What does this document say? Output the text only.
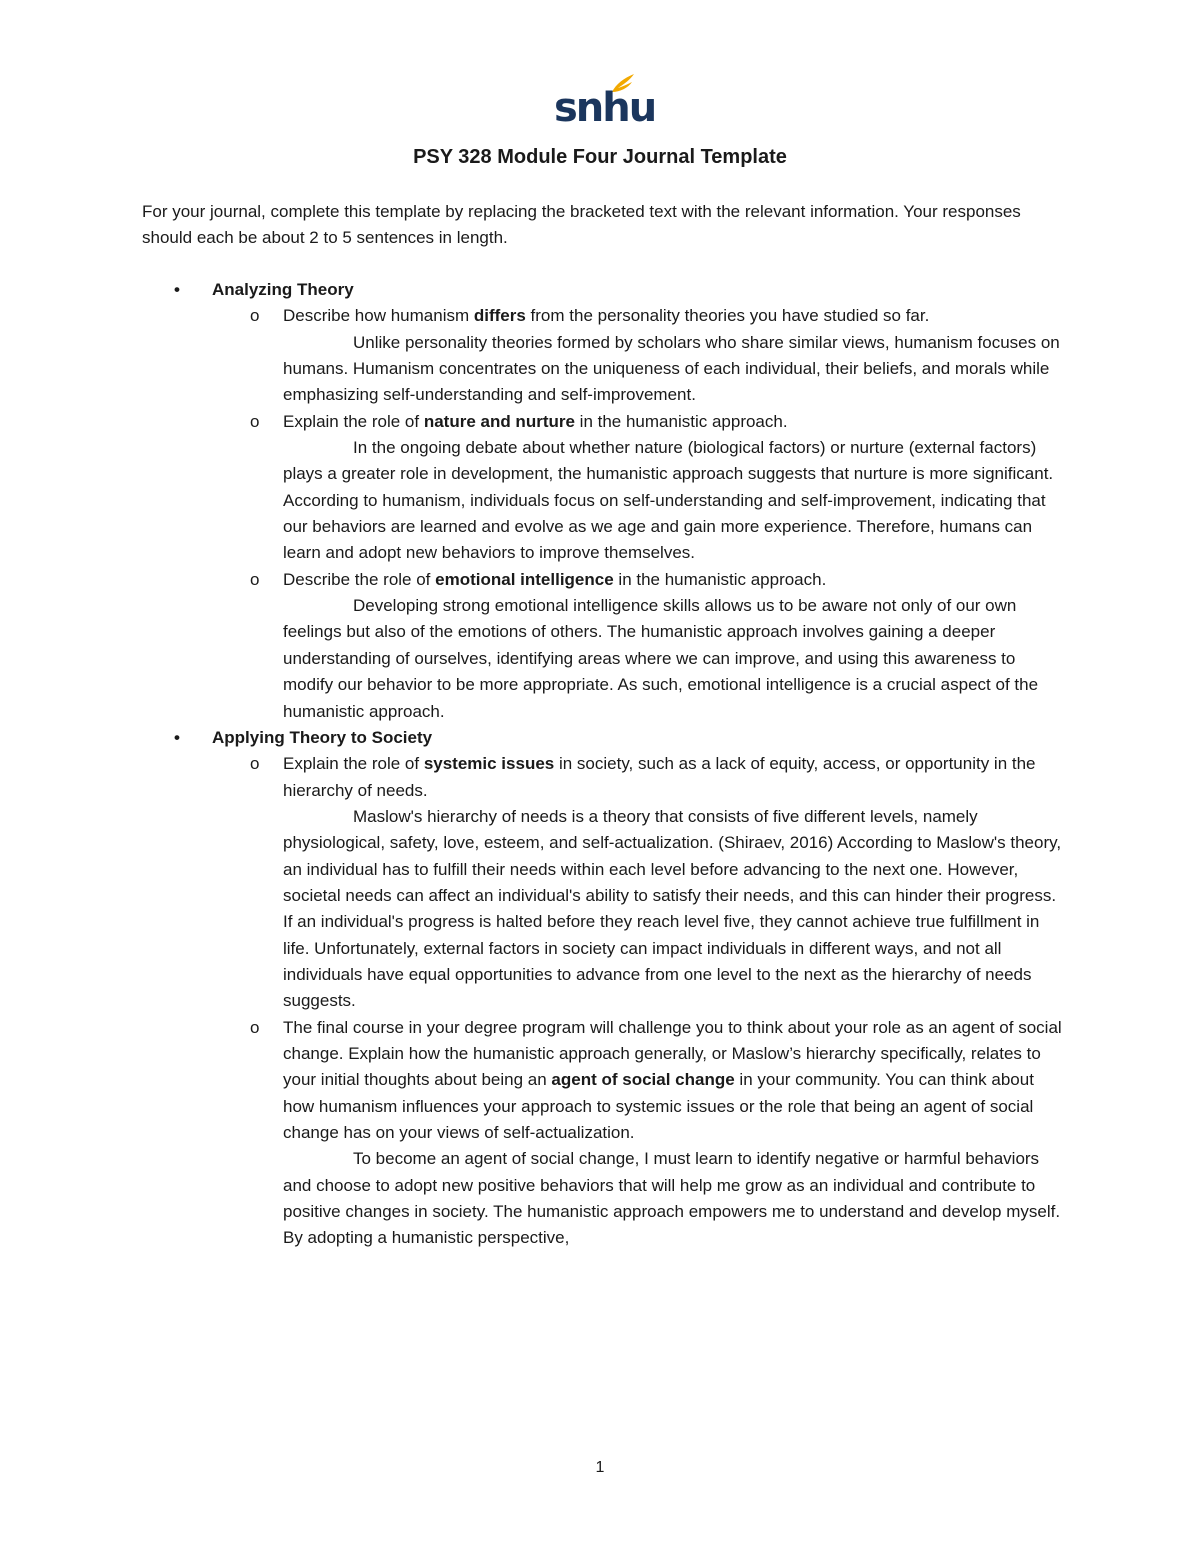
snhu
PSY 328 Module Four Journal Template
For your journal, complete this template by replacing the bracketed text with the relevant information. Your responses should each be about 2 to 5 sentences in length.
• Analyzing Theory
o Describe how humanism differs from the personality theories you have studied so far.
Unlike personality theories formed by scholars who share similar views, humanism focuses on humans. Humanism concentrates on the uniqueness of each individual, their beliefs, and morals while emphasizing self-understanding and self-improvement.
o Explain the role of nature and nurture in the humanistic approach.
In the ongoing debate about whether nature (biological factors) or nurture (external factors) plays a greater role in development, the humanistic approach suggests that nurture is more significant. According to humanism, individuals focus on self-understanding and self-improvement, indicating that our behaviors are learned and evolve as we age and gain more experience. Therefore, humans can learn and adopt new behaviors to improve themselves.
o Describe the role of emotional intelligence in the humanistic approach.
Developing strong emotional intelligence skills allows us to be aware not only of our own feelings but also of the emotions of others. The humanistic approach involves gaining a deeper understanding of ourselves, identifying areas where we can improve, and using this awareness to modify our behavior to be more appropriate. As such, emotional intelligence is a crucial aspect of the humanistic approach.
• Applying Theory to Society
o Explain the role of systemic issues in society, such as a lack of equity, access, or opportunity in the hierarchy of needs.
Maslow's hierarchy of needs is a theory that consists of five different levels, namely physiological, safety, love, esteem, and self-actualization. (Shiraev, 2016) According to Maslow's theory, an individual has to fulfill their needs within each level before advancing to the next one. However, societal needs can affect an individual's ability to satisfy their needs, and this can hinder their progress. If an individual's progress is halted before they reach level five, they cannot achieve true fulfillment in life. Unfortunately, external factors in society can impact individuals in different ways, and not all individuals have equal opportunities to advance from one level to the next as the hierarchy of needs suggests.
o The final course in your degree program will challenge you to think about your role as an agent of social change. Explain how the humanistic approach generally, or Maslow’s hierarchy specifically, relates to your initial thoughts about being an agent of social change in your community. You can think about how humanism influences your approach to systemic issues or the role that being an agent of social change has on your views of self-actualization.
To become an agent of social change, I must learn to identify negative or harmful behaviors and choose to adopt new positive behaviors that will help me grow as an individual and contribute to positive changes in society. The humanistic approach empowers me to understand and develop myself. By adopting a humanistic perspective,
1
